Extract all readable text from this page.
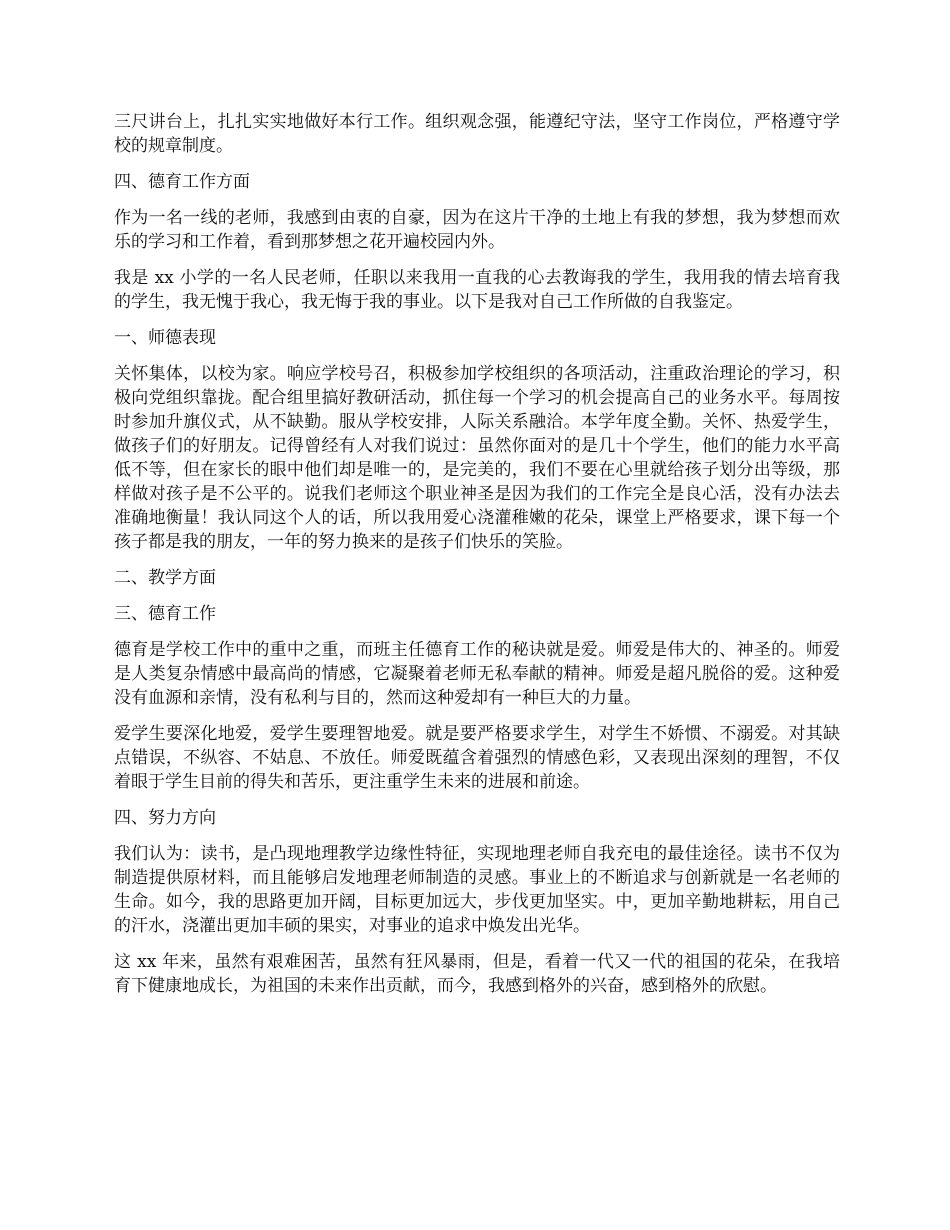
三尺讲台上，扎扎实实地做好本行工作。组织观念强，能遵纪守法，坚守工作岗位，严格遵守学校的规章制度。

四、德育工作方面

作为一名一线的老师，我感到由衷的自豪，因为在这片干净的土地上有我的梦想，我为梦想而欢乐的学习和工作着，看到那梦想之花开遍校园内外。

我是 xx 小学的一名人民老师，任职以来我用一直我的心去教诲我的学生，我用我的情去培育我的学生，我无愧于我心，我无悔于我的事业。以下是我对自己工作所做的自我鉴定。

一、师德表现

关怀集体，以校为家。响应学校号召，积极参加学校组织的各项活动，注重政治理论的学习，积极向党组织靠拢。配合组里搞好教研活动，抓住每一个学习的机会提高自己的业务水平。每周按时参加升旗仪式，从不缺勤。服从学校安排，人际关系融洽。本学年度全勤。关怀、热爱学生，做孩子们的好朋友。记得曾经有人对我们说过：虽然你面对的是几十个学生，他们的能力水平高低不等，但在家长的眼中他们却是唯一的，是完美的，我们不要在心里就给孩子划分出等级，那样做对孩子是不公平的。说我们老师这个职业神圣是因为我们的工作完全是良心活，没有办法去准确地衡量！我认同这个人的话，所以我用爱心浇灌稚嫩的花朵，课堂上严格要求，课下每一个孩子都是我的朋友，一年的努力换来的是孩子们快乐的笑脸。

二、教学方面

三、德育工作

德育是学校工作中的重中之重，而班主任德育工作的秘诀就是爱。师爱是伟大的、神圣的。师爱是人类复杂情感中最高尚的情感，它凝聚着老师无私奉献的精神。师爱是超凡脱俗的爱。这种爱没有血源和亲情，没有私利与目的，然而这种爱却有一种巨大的力量。

爱学生要深化地爱，爱学生要理智地爱。就是要严格要求学生，对学生不娇惯、不溺爱。对其缺点错误，不纵容、不姑息、不放任。师爱既蕴含着强烈的情感色彩，又表现出深刻的理智，不仅着眼于学生目前的得失和苦乐，更注重学生未来的进展和前途。

四、努力方向

我们认为：读书，是凸现地理教学边缘性特征，实现地理老师自我充电的最佳途径。读书不仅为制造提供原材料，而且能够启发地理老师制造的灵感。事业上的不断追求与创新就是一名老师的生命。如今，我的思路更加开阔，目标更加远大，步伐更加坚实。中，更加辛勤地耕耘，用自己的汗水，浇灌出更加丰硕的果实，对事业的追求中焕发出光华。

这 xx 年来，虽然有艰难困苦，虽然有狂风暴雨，但是，看着一代又一代的祖国的花朵，在我培育下健康地成长，为祖国的未来作出贡献，而今，我感到格外的兴奋，感到格外的欣慰。
